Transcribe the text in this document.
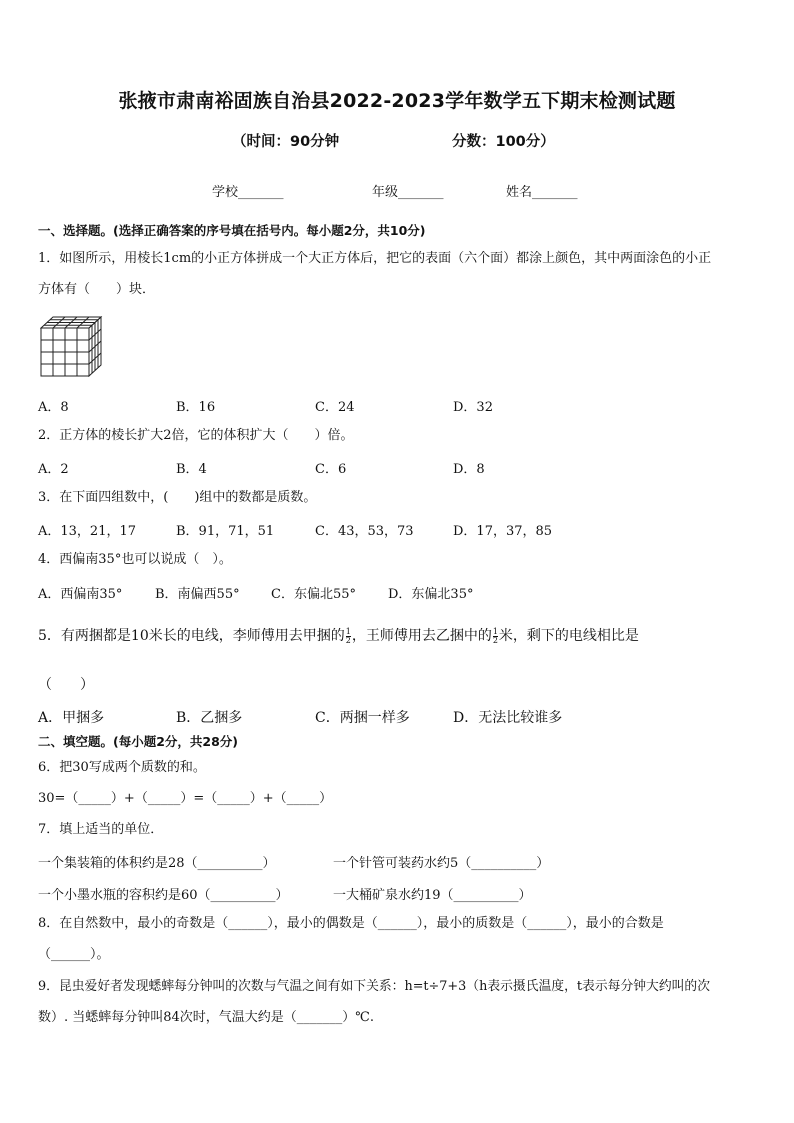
张掖市肃南裕固族自治县2022-2023学年数学五下期末检测试题
（时间：90分钟	分数：100分）
学校_______	年级_______	姓名_______
一、选择题。(选择正确答案的序号填在括号内。每小题2分，共10分)
1．如图所示，用棱长1cm的小正方体拼成一个大正方体后，把它的表面（六个面）都涂上颜色，其中两面涂色的小正
方体有（　　）块．
A．8	B．16	C．24	D．32
2．正方体的棱长扩大2倍，它的体积扩大（　　）倍。
A．2	B．4	C．6	D．8
3．在下面四组数中，(　　)组中的数都是质数。
A．13，21，17	B．91，71，51	C．43，53，73	D．17，37，85
4．西偏南35°也可以说成（　）。
A．西偏南35°	B．南偏西55° C．东偏北55° D．东偏北35°
5．有两捆都是10米长的电线，李师傅用去甲捆的 $\frac{1}{2}$ ，王师傅用去乙捆中的 $\frac{1}{2}$ 米，剩下的电线相比是
（　　）
A．甲捆多	B．乙捆多	C．两捆一样多	D．无法比较谁多
二、填空题。(每小题2分，共28分)
6．把30写成两个质数的和。
30=（_____）+（_____）=（_____）+（_____）
7．填上适当的单位．
一个集装箱的体积约是28（__________）	一个针管可装药水约5（__________）
一个小墨水瓶的容积约是60（__________）	一大桶矿泉水约19（__________）
8．在自然数中，最小的奇数是（______），最小的偶数是（______），最小的质数是（______），最小的合数是
（______）。
9．昆虫爱好者发现蟋蟀每分钟叫的次数与气温之间有如下关系：h=t÷7+3（h表示摄氏温度，t表示每分钟大约叫的次
数）. 当蟋蟀每分钟叫84次时，气温大约是（_______）℃.
